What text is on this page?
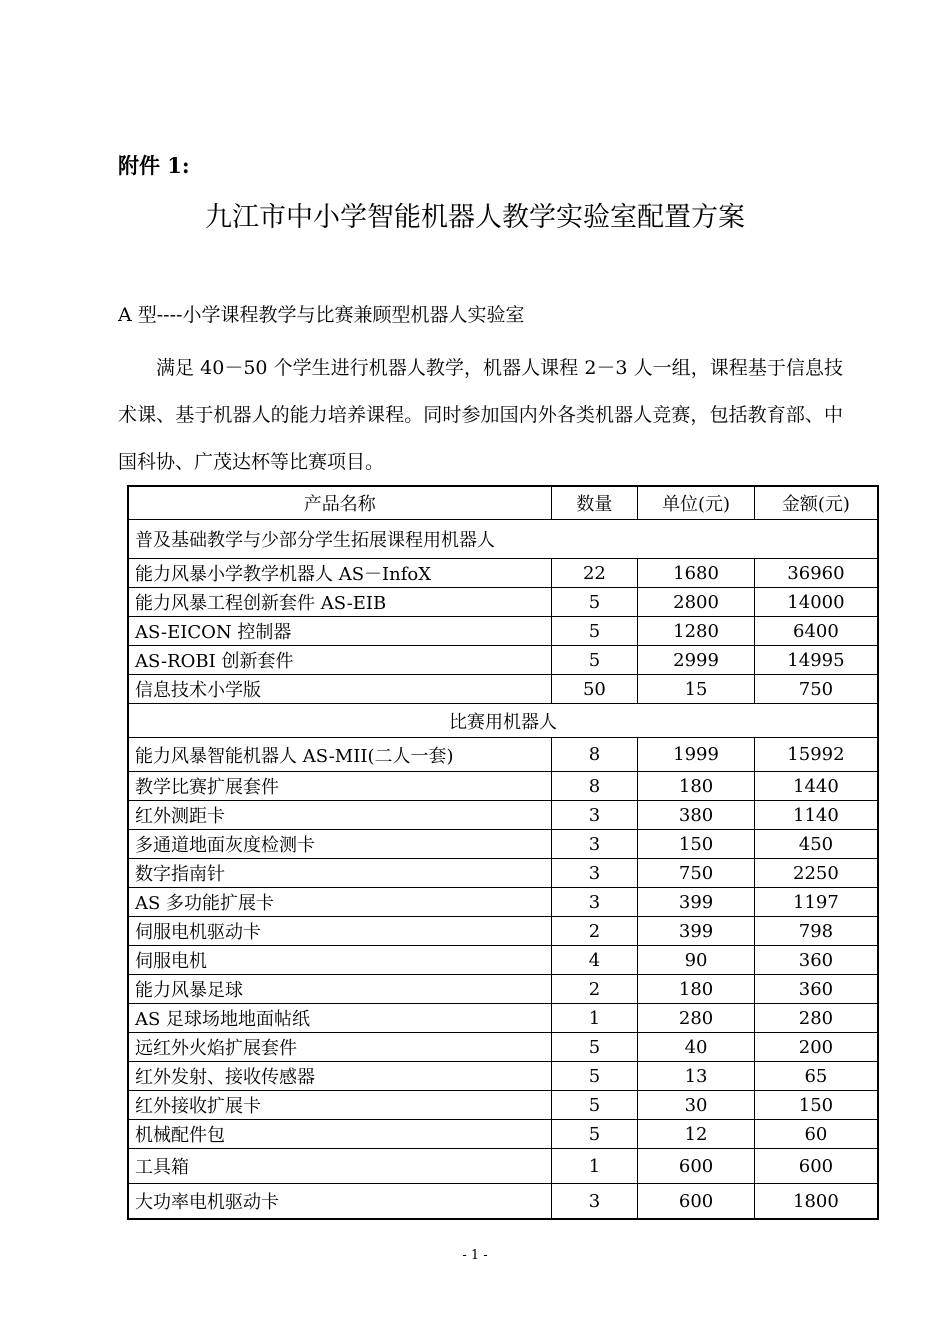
附件 1:

九江市中小学智能机器人教学实验室配置方案

A 型----小学课程教学与比赛兼顾型机器人实验室

满足 40－50 个学生进行机器人教学，机器人课程 2－3 人一组，课程基于信息技术课、基于机器人的能力培养课程。同时参加国内外各类机器人竞赛，包括教育部、中国科协、广茂达杯等比赛项目。

产品名称	数量	单位(元)	金额(元)
普及基础教学与少部分学生拓展课程用机器人			
能力风暴小学教学机器人 AS－InfoX	22	1680	36960
能力风暴工程创新套件 AS-EIB	5	2800	14000
AS-EICON 控制器	5	1280	6400
AS-ROBI 创新套件	5	2999	14995
信息技术小学版	50	15	750
比赛用机器人			
能力风暴智能机器人 AS-MII(二人一套)	8	1999	15992
教学比赛扩展套件	8	180	1440
红外测距卡	3	380	1140
多通道地面灰度检测卡	3	150	450
数字指南针	3	750	2250
AS 多功能扩展卡	3	399	1197
伺服电机驱动卡	2	399	798
伺服电机	4	90	360
能力风暴足球	2	180	360
AS 足球场地地面帖纸	1	280	280
远红外火焰扩展套件	5	40	200
红外发射、接收传感器	5	13	65
红外接收扩展卡	5	30	150
机械配件包	5	12	60
工具箱	1	600	600
大功率电机驱动卡	3	600	1800

- 1 -
